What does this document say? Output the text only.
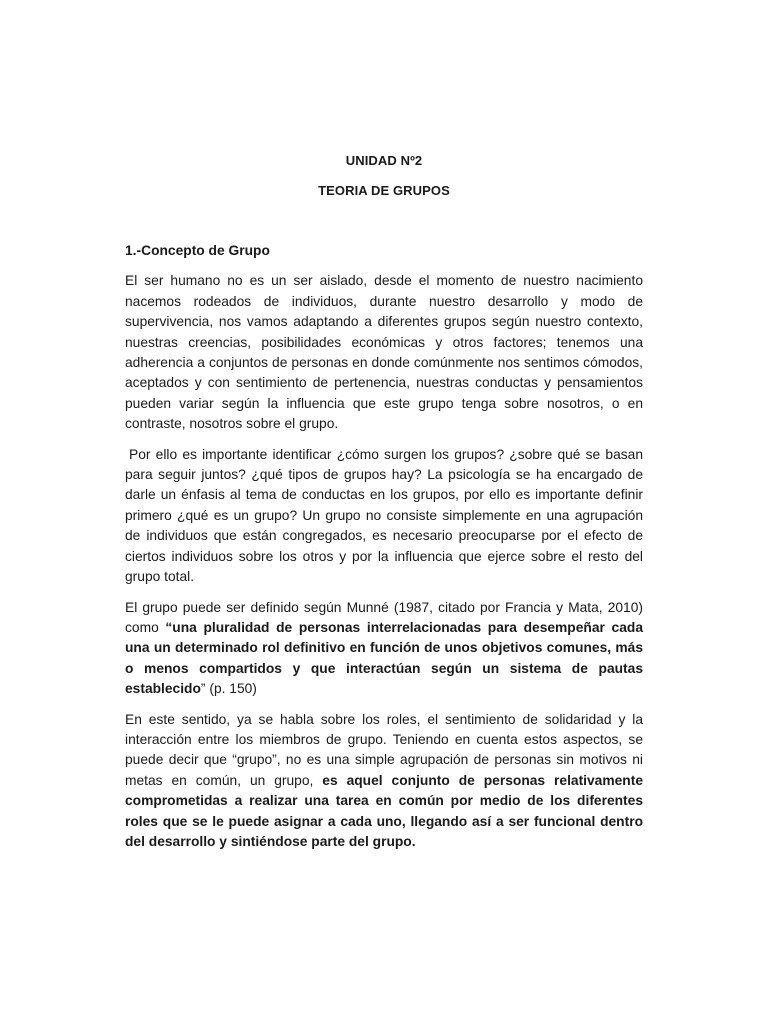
UNIDAD Nº2
TEORIA DE GRUPOS
1.-Concepto de Grupo

El ser humano no es un ser aislado, desde el momento de nuestro nacimiento nacemos rodeados de individuos, durante nuestro desarrollo y modo de supervivencia, nos vamos adaptando a diferentes grupos según nuestro contexto, nuestras creencias, posibilidades económicas y otros factores; tenemos una adherencia a conjuntos de personas en donde comúnmente nos sentimos cómodos, aceptados y con sentimiento de pertenencia, nuestras conductas y pensamientos pueden variar según la influencia que este grupo tenga sobre nosotros, o en contraste, nosotros sobre el grupo.

Por ello es importante identificar ¿cómo surgen los grupos? ¿sobre qué se basan para seguir juntos? ¿qué tipos de grupos hay? La psicología se ha encargado de darle un énfasis al tema de conductas en los grupos, por ello es importante definir primero ¿qué es un grupo? Un grupo no consiste simplemente en una agrupación de individuos que están congregados, es necesario preocuparse por el efecto de ciertos individuos sobre los otros y por la influencia que ejerce sobre el resto del grupo total.

El grupo puede ser definido según Munné (1987, citado por Francia y Mata, 2010) como “una pluralidad de personas interrelacionadas para desempeñar cada una un determinado rol definitivo en función de unos objetivos comunes, más o menos compartidos y que interactúan según un sistema de pautas establecido” (p. 150)

En este sentido, ya se habla sobre los roles, el sentimiento de solidaridad y la interacción entre los miembros de grupo. Teniendo en cuenta estos aspectos, se puede decir que “grupo”, no es una simple agrupación de personas sin motivos ni metas en común, un grupo, es aquel conjunto de personas relativamente comprometidas a realizar una tarea en común por medio de los diferentes roles que se le puede asignar a cada uno, llegando así a ser funcional dentro del desarrollo y sintiéndose parte del grupo.
